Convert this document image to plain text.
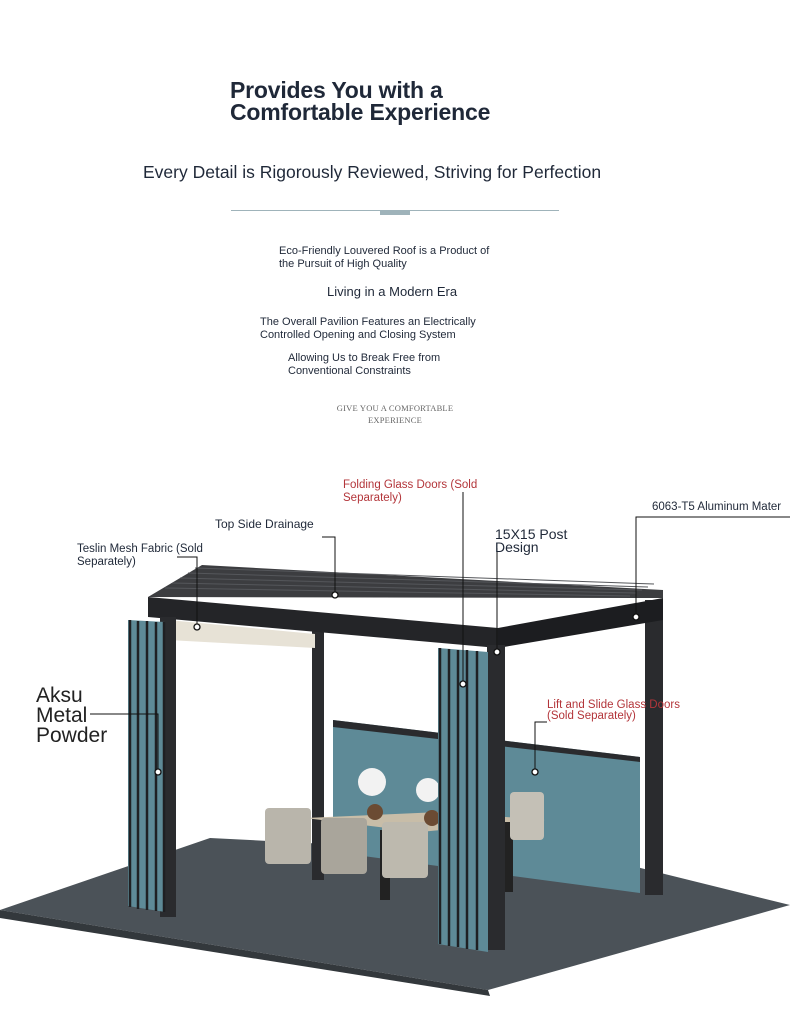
Provides You with a
Comfortable Experience
Every Detail is Rigorously Reviewed, Striving for Perfection
Eco-Friendly Louvered Roof is a Product of
the Pursuit of High Quality
Living in a Modern Era
The Overall Pavilion Features an Electrically
Controlled Opening and Closing System
Allowing Us to Break Free from
Conventional Constraints
GIVE YOU A COMFORTABLE
EXPERIENCE
Folding Glass Doors (Sold
Separately)
6063-T5 Aluminum Mater
Top Side Drainage
15X15 Post
Design
Teslin Mesh Fabric (Sold
Separately)
Lift and Slide Glass Doors
(Sold Separately)
Aksu
Metal
Powder
